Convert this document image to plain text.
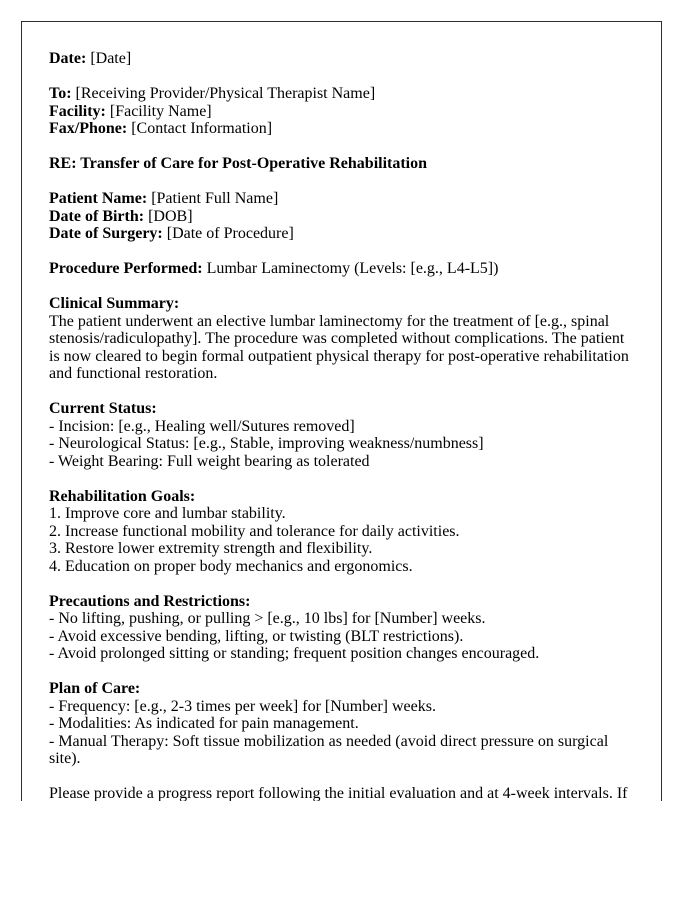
Date: [Date]

To: [Receiving Provider/Physical Therapist Name]

Facility: [Facility Name]

Fax/Phone: [Contact Information]

RE: Transfer of Care for Post-Operative Rehabilitation

Patient Name: [Patient Full Name]

Date of Birth: [DOB]

Date of Surgery: [Date of Procedure]

Procedure Performed: Lumbar Laminectomy (Levels: [e.g., L4-L5])

Clinical Summary:

The patient underwent an elective lumbar laminectomy for the treatment of [e.g., spinal stenosis/radiculopathy]. The procedure was completed without complications. The patient is now cleared to begin formal outpatient physical therapy for post-operative rehabilitation and functional restoration.

Current Status:

- Incision: [e.g., Healing well/Sutures removed]

- Neurological Status: [e.g., Stable, improving weakness/numbness]

- Weight Bearing: Full weight bearing as tolerated

Rehabilitation Goals:

1. Improve core and lumbar stability.

2. Increase functional mobility and tolerance for daily activities.

3. Restore lower extremity strength and flexibility.

4. Education on proper body mechanics and ergonomics.

Precautions and Restrictions:

- No lifting, pushing, or pulling > [e.g., 10 lbs] for [Number] weeks.

- Avoid excessive bending, lifting, or twisting (BLT restrictions).

- Avoid prolonged sitting or standing; frequent position changes encouraged.

Plan of Care:

- Frequency: [e.g., 2-3 times per week] for [Number] weeks.

- Modalities: As indicated for pain management.

- Manual Therapy: Soft tissue mobilization as needed (avoid direct pressure on surgical site).

Please provide a progress report following the initial evaluation and at 4-week intervals. If
